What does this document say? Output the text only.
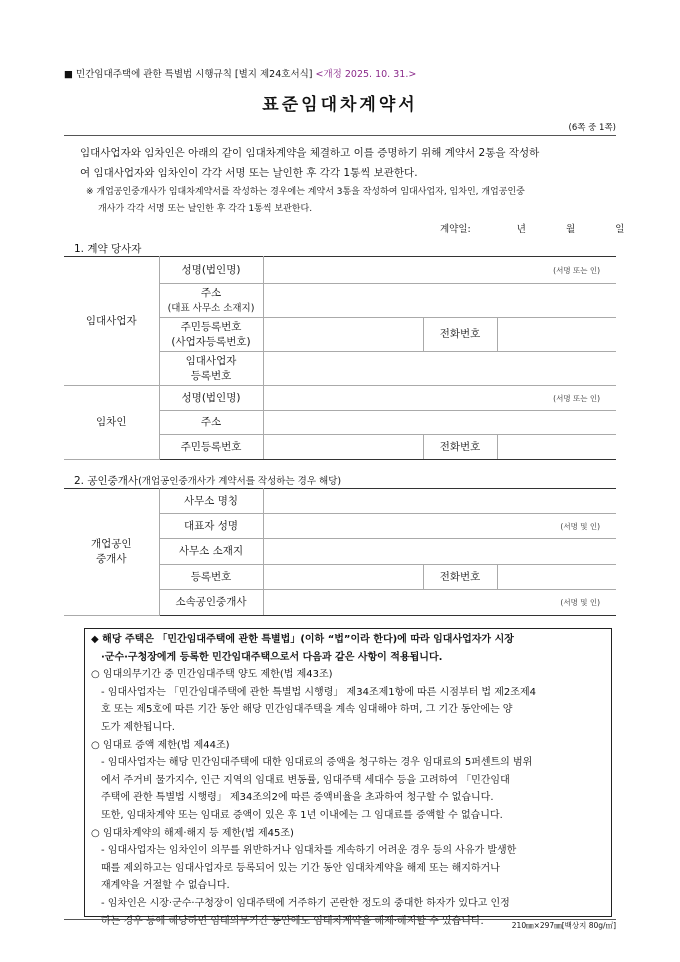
■ 민간임대주택에 관한 특별법 시행규칙 [별지 제24호서식] <개정 2025. 10. 31.>
표준임대차계약서
(6쪽 중 1쪽)
임대사업자와 임차인은 아래의 같이 임대차계약을 체결하고 이를 증명하기 위해 계약서 2통을 작성하
여 임대사업자와 임차인이 각각 서명 또는 날인한 후 각각 1통씩 보관한다.
※ 개업공인중개사가 임대차계약서를 작성하는 경우에는 계약서 3통을 작성하여 임대사업자, 임차인, 개업공인중
개사가 각각 서명 또는 날인한 후 각각 1통씩 보관한다.
계약일:	년	월	일
1. 계약 당사자
임대사업자	성명(법인명)	(서명 또는 인)		

	주소
(대표 사무소 소재지)			

	주민등록번호
(사업자등록번호)		전화번호	

	임대사업자
등록번호			

임차인	성명(법인명)	(서명 또는 인)		
	주소			
	주민등록번호		전화번호	
2. 공인중개사(개업공인중개사가 계약서를 작성하는 경우 해당)
개업공인
중개사	사무소 명칭			
	대표자 성명	(서명 및 인)		
	사무소 소재지			
	등록번호		전화번호	
	소속공인중개사	(서명 및 인)		

◆ 해당 주택은 「민간임대주택에 관한 특별법」(이하 “법”이라 한다)에 따라 임대사업자가 시장

·군수·구청장에게 등록한 민간임대주택으로서 다음과 같은 사항이 적용됩니다.

○ 임대의무기간 중 민간임대주택 양도 제한(법 제43조)

- 임대사업자는 「민간임대주택에 관한 특별법 시행령」 제34조제1항에 따른 시점부터 법 제2조제4

호 또는 제5호에 따른 기간 동안 해당 민간임대주택을 계속 임대해야 하며, 그 기간 동안에는 양

도가 제한됩니다.

○ 임대료 증액 제한(법 제44조)

- 임대사업자는 해당 민간임대주택에 대한 임대료의 증액을 청구하는 경우 임대료의 5퍼센트의 범위

에서 주거비 물가지수, 인근 지역의 임대료 변동률, 임대주택 세대수 등을 고려하여 「민간임대

주택에 관한 특별법 시행령」 제34조의2에 따른 증액비율을 초과하여 청구할 수 없습니다.

또한, 임대차계약 또는 임대료 증액이 있은 후 1년 이내에는 그 임대료를 증액할 수 없습니다.

○ 임대차계약의 해제·해지 등 제한(법 제45조)

- 임대사업자는 임차인이 의무를 위반하거나 임대차를 계속하기 어려운 경우 등의 사유가 발생한

때를 제외하고는 임대사업자로 등록되어 있는 기간 동안 임대차계약을 해제 또는 해지하거나

재계약을 거절할 수 없습니다.

- 임차인은 시장·군수·구청장이 임대주택에 거주하기 곤란한 정도의 중대한 하자가 있다고 인정

하는 경우 등에 해당하면 임대의무기간 동안에도 임대차계약을 해제·해지할 수 있습니다.	210㎜×297㎜[백상지 80g/㎡]
